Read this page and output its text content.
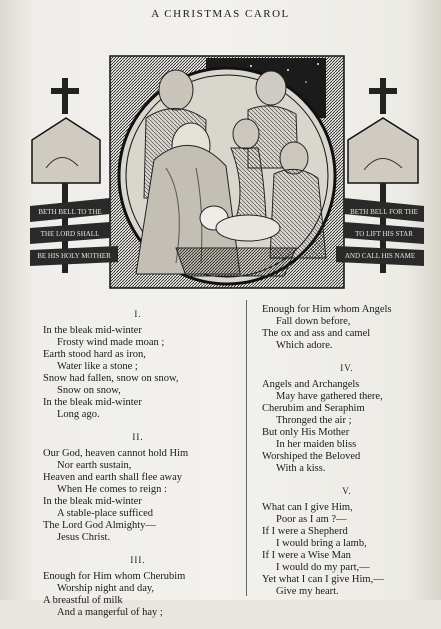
A CHRISTMAS CAROL
BETH BELL TO THE
THE LORD SHALL
BE HIS HOLY MOTHER
BETH BELL FOR THE
TO LIFT HIS STAR
AND CALL HIS NAME
I.
In the bleak mid-winter
Frosty wind made moan ;
Earth stood hard as iron,
Water like a stone ;
Snow had fallen, snow on snow,
Snow on snow,
In the bleak mid-winter
Long ago.
II.
Our God, heaven cannot hold Him
Nor earth sustain,
Heaven and earth shall flee away
When He comes to reign :
In the bleak mid-winter
A stable-place sufficed
The Lord God Almighty—
Jesus Christ.
III.
Enough for Him whom Cherubim
Worship night and day,
A breastful of milk
And a mangerful of hay ;
Enough for Him whom Angels
Fall down before,
The ox and ass and camel
Which adore.
IV.
Angels and Archangels
May have gathered there,
Cherubim and Seraphim
Thronged the air ;
But only His Mother
In her maiden bliss
Worshiped the Beloved
With a kiss.
V.
What can I give Him,
Poor as I am ?—
If I were a Shepherd
I would bring a lamb,
If I were a Wise Man
I would do my part,—
Yet what I can I give Him,—
Give my heart.
